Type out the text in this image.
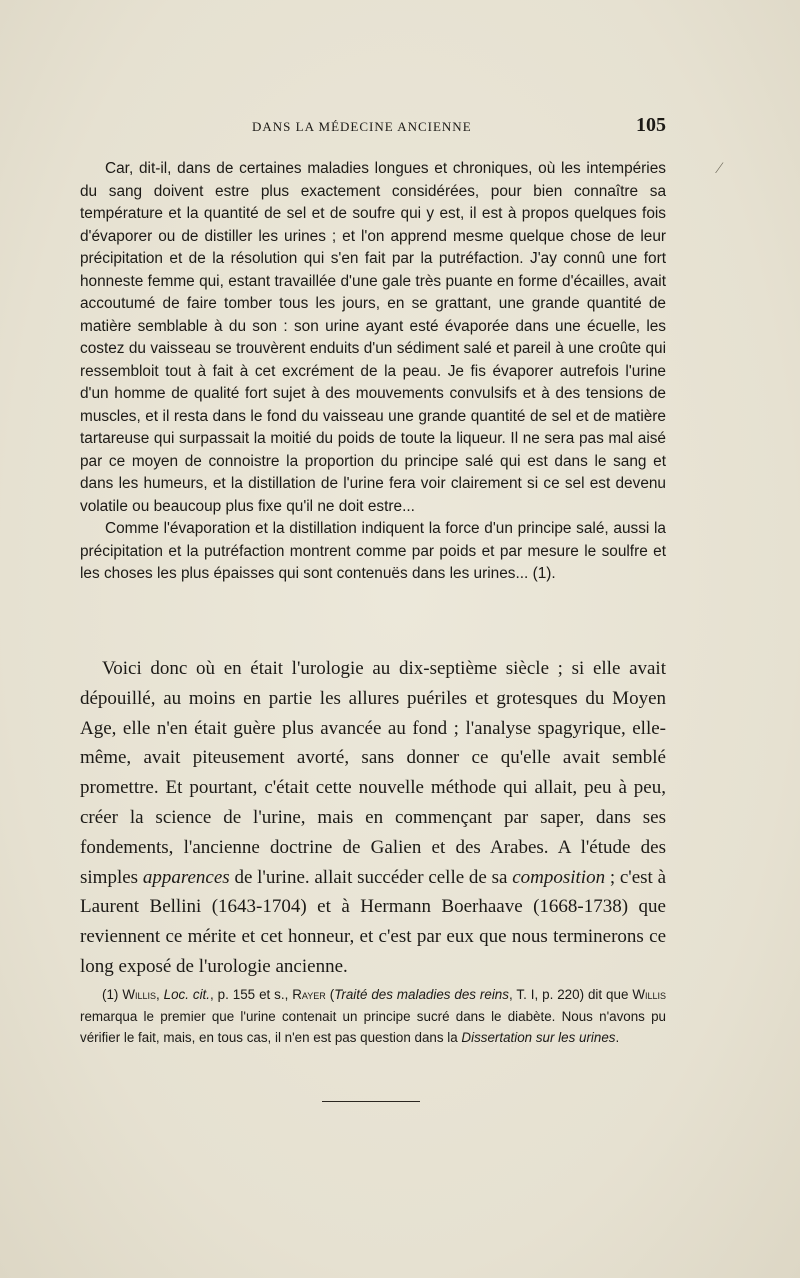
DANS LA MÉDECINE ANCIENNE	105
⁄

Car, dit-il, dans de certaines maladies longues et chroniques, où les intempéries du sang doivent estre plus exactement considérées, pour bien connaître sa température et la quantité de sel et de soufre qui y est, il est à propos quelques fois d'évaporer ou de distiller les urines ; et l'on apprend mesme quelque chose de leur précipitation et de la résolution qui s'en fait par la putréfaction. J'ay connû une fort honneste femme qui, estant travaillée d'une gale très puante en forme d'écailles, avait accoutumé de faire tomber tous les jours, en se grattant, une grande quantité de matière semblable à du son : son urine ayant esté évaporée dans une écuelle, les costez du vaisseau se trouvèrent enduits d'un sédiment salé et pareil à une croûte qui ressembloit tout à fait à cet excrément de la peau. Je fis évaporer autrefois l'urine d'un homme de qualité fort sujet à des mouvements convulsifs et à des tensions de muscles, et il resta dans le fond du vaisseau une grande quantité de sel et de matière tartareuse qui surpassait la moitié du poids de toute la liqueur. Il ne sera pas mal aisé par ce moyen de connoistre la proportion du principe salé qui est dans le sang et dans les humeurs, et la distillation de l'urine fera voir clairement si ce sel est devenu volatile ou beaucoup plus fixe qu'il ne doit estre...

Comme l'évaporation et la distillation indiquent la force d'un principe salé, aussi la précipitation et la putréfaction montrent comme par poids et par mesure le soulfre et les choses les plus épaisses qui sont contenuës dans les urines... (1).

Voici donc où en était l'urologie au dix-septième siècle ; si elle avait dépouillé, au moins en partie les allures puériles et grotesques du Moyen Age, elle n'en était guère plus avancée au fond ; l'analyse spagyrique, elle-même, avait piteusement avorté, sans donner ce qu'elle avait semblé promettre. Et pourtant, c'était cette nouvelle méthode qui allait, peu à peu, créer la science de l'urine, mais en commençant par saper, dans ses fondements, l'ancienne doctrine de Galien et des Arabes. A l'étude des simples apparences de l'urine. allait succéder celle de sa composition ; c'est à Laurent Bellini (1643-1704) et à Hermann Boerhaave (1668-1738) que reviennent ce mérite et cet honneur, et c'est par eux que nous terminerons ce long exposé de l'urologie ancienne.

(1) Willis, Loc. cit., p. 155 et s., Rayer (Traité des maladies des reins, T. I, p. 220) dit que Willis remarqua le premier que l'urine contenait un principe sucré dans le diabète. Nous n'avons pu vérifier le fait, mais, en tous cas, il n'en est pas question dans la Dissertation sur les urines.
